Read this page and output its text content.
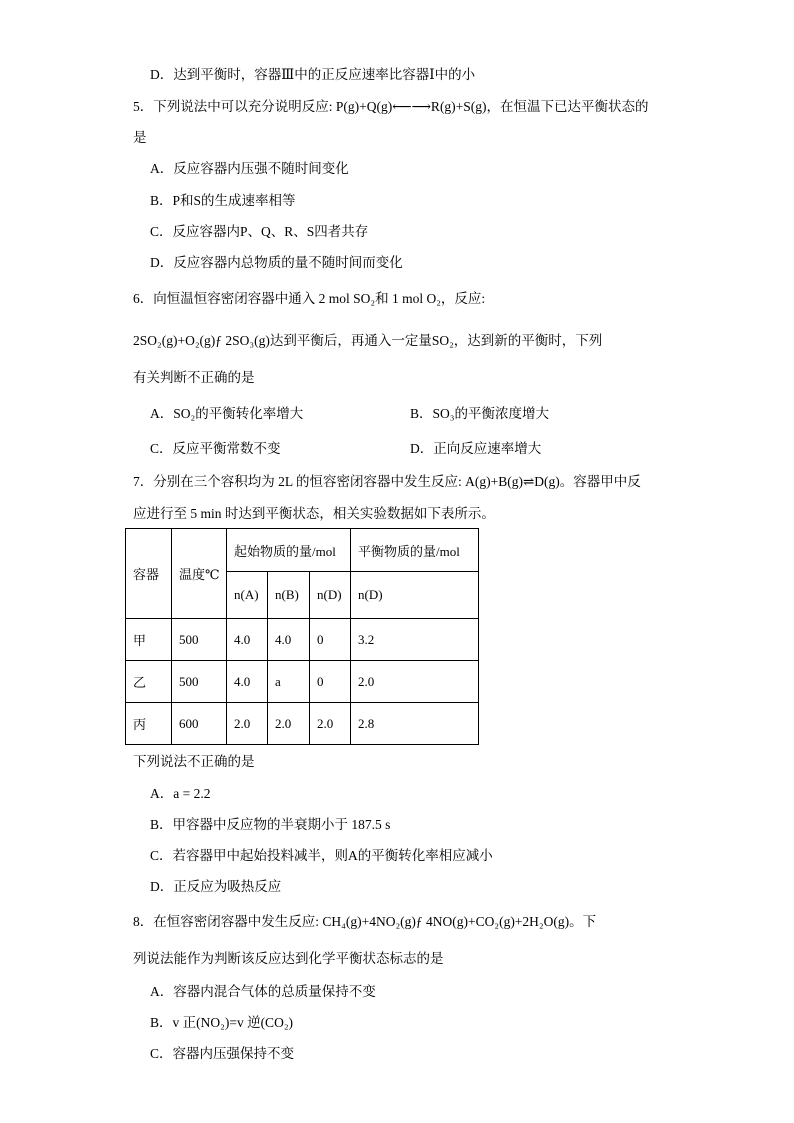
D．达到平衡时，容器Ⅲ中的正反应速率比容器Ⅰ中的小
5．下列说法中可以充分说明反应: P(g)+Q(g)⟵⟶R(g)+S(g)，在恒温下已达平衡状态的
是
A．反应容器内压强不随时间变化
B．P和S的生成速率相等
C．反应容器内P、Q、R、S四者共存
D．反应容器内总物质的量不随时间而变化
6．向恒温恒容密闭容器中通入 2 mol SO₂和 1 mol O₂，反应:
2SO₂(g)+O₂(g)ƒ 2SO₃(g)达到平衡后，再通入一定量SO₂，达到新的平衡时，下列
有关判断不正确的是
A．SO₂的平衡转化率增大	B．SO₃的平衡浓度增大
C．反应平衡常数不变	D．正向反应速率增大
7．分别在三个容积均为 2L 的恒容密闭容器中发生反应: A(g)+B(g)⇌D(g)。容器甲中反
应进行至 5 min 时达到平衡状态，相关实验数据如下表所示。
容器	温度℃	起始物质的量/mol			平衡物质的量/mol
		n(A)	n(B)	n(D)	n(D)
甲	500	4.0	4.0	0	3.2
乙	500	4.0	a	0	2.0
丙	600	2.0	2.0	2.0	2.8
下列说法不正确的是
A．a = 2.2
B．甲容器中反应物的半衰期小于 187.5 s
C．若容器甲中起始投料减半，则A的平衡转化率相应减小
D．正反应为吸热反应
8．在恒容密闭容器中发生反应: CH₄(g)+4NO₂(g)ƒ 4NO(g)+CO₂(g)+2H₂O(g)。下
列说法能作为判断该反应达到化学平衡状态标志的是
A．容器内混合气体的总质量保持不变
B．v 正(NO₂)=v 逆(CO₂)
C．容器内压强保持不变
